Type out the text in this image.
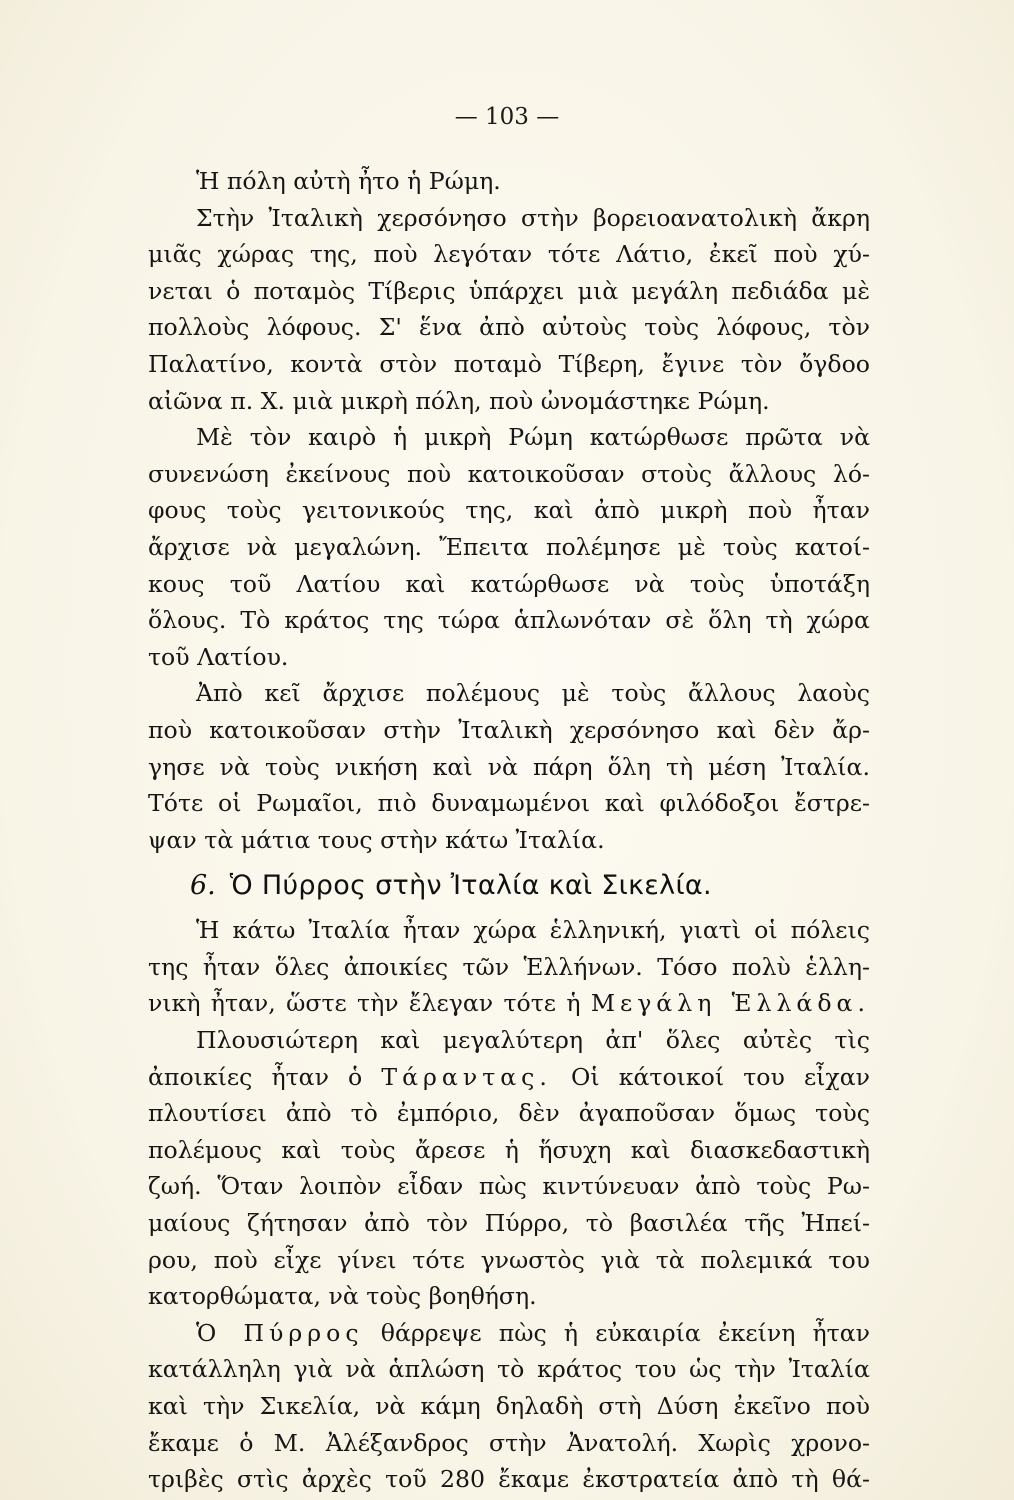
— 103 —
Ἡ πόλη αὐτὴ ἦτο ἡ Ρώμη.
Στὴν Ἰταλικὴ χερσόνησο στὴν βορειοανατολικὴ ἄκρη
μιᾶς χώρας της, ποὺ λεγόταν τότε Λάτιο, ἐκεῖ ποὺ χύ-
νεται ὁ ποταμὸς Τίβερις ὑπάρχει μιὰ μεγάλη πεδιάδα μὲ
πολλοὺς λόφους. Σ' ἕνα ἀπὸ αὐτοὺς τοὺς λόφους, τὸν
Παλατίνο, κοντὰ στὸν ποταμὸ Τίβερη, ἔγινε τὸν ὄγδοο
αἰῶνα π. Χ. μιὰ μικρὴ πόλη, ποὺ ὠνομάστηκε Ρώμη.
Μὲ τὸν καιρὸ ἡ μικρὴ Ρώμη κατώρθωσε πρῶτα νὰ
συνενώση ἐκείνους ποὺ κατοικοῦσαν στοὺς ἄλλους λό-
φους τοὺς γειτονικούς της, καὶ ἀπὸ μικρὴ ποὺ ἦταν
ἄρχισε νὰ μεγαλώνη. Ἔπειτα πολέμησε μὲ τοὺς κατοί-
κους τοῦ Λατίου καὶ κατώρθωσε νὰ τοὺς ὑποτάξη
ὅλους. Τὸ κράτος της τώρα ἁπλωνόταν σὲ ὅλη τὴ χώρα
τοῦ Λατίου.
Ἀπὸ κεῖ ἄρχισε πολέμους μὲ τοὺς ἄλλους λαοὺς
ποὺ κατοικοῦσαν στὴν Ἰταλικὴ χερσόνησο καὶ δὲν ἄρ-
γησε νὰ τοὺς νικήση καὶ νὰ πάρη ὅλη τὴ μέση Ἰταλία.
Τότε οἱ Ρωμαῖοι, πιὸ δυναμωμένοι καὶ φιλόδοξοι ἔστρε-
ψαν τὰ μάτια τους στὴν κάτω Ἰταλία.
6. Ὁ Πύρρος στὴν Ἰταλία καὶ Σικελία.
Ἡ κάτω Ἰταλία ἦταν χώρα ἑλληνική, γιατὶ οἱ πόλεις
της ἦταν ὅλες ἀποικίες τῶν Ἑλλήνων. Τόσο πολὺ ἑλλη-
νικὴ ἦταν, ὥστε τὴν ἔλεγαν τότε ἡ Μεγάλη Ἑλλάδα.
Πλουσιώτερη καὶ μεγαλύτερη ἀπ' ὅλες αὐτὲς τὶς
ἀποικίες ἦταν ὁ Τάραντας. Οἱ κάτοικοί του εἶχαν
πλουτίσει ἀπὸ τὸ ἐμπόριο, δὲν ἀγαποῦσαν ὅμως τοὺς
πολέμους καὶ τοὺς ἄρεσε ἡ ἥσυχη καὶ διασκεδαστικὴ
ζωή. Ὅταν λοιπὸν εἶδαν πὼς κιντύνευαν ἀπὸ τοὺς Ρω-
μαίους ζήτησαν ἀπὸ τὸν Πύρρο, τὸ βασιλέα τῆς Ἠπεί-
ρου, ποὺ εἶχε γίνει τότε γνωστὸς γιὰ τὰ πολεμικά του
κατορθώματα, νὰ τοὺς βοηθήση.
Ὁ Πύρρος θάρρεψε πὼς ἡ εὐκαιρία ἐκείνη ἦταν
κατάλληλη γιὰ νὰ ἁπλώση τὸ κράτος του ὡς τὴν Ἰταλία
καὶ τὴν Σικελία, νὰ κάμη δηλαδὴ στὴ Δύση ἐκεῖνο ποὺ
ἔκαμε ὁ Μ. Ἀλέξανδρος στὴν Ἀνατολή. Χωρὶς χρονο-
τριβὲς στὶς ἀρχὲς τοῦ 280 ἔκαμε ἐκστρατεία ἀπὸ τὴ θά-
